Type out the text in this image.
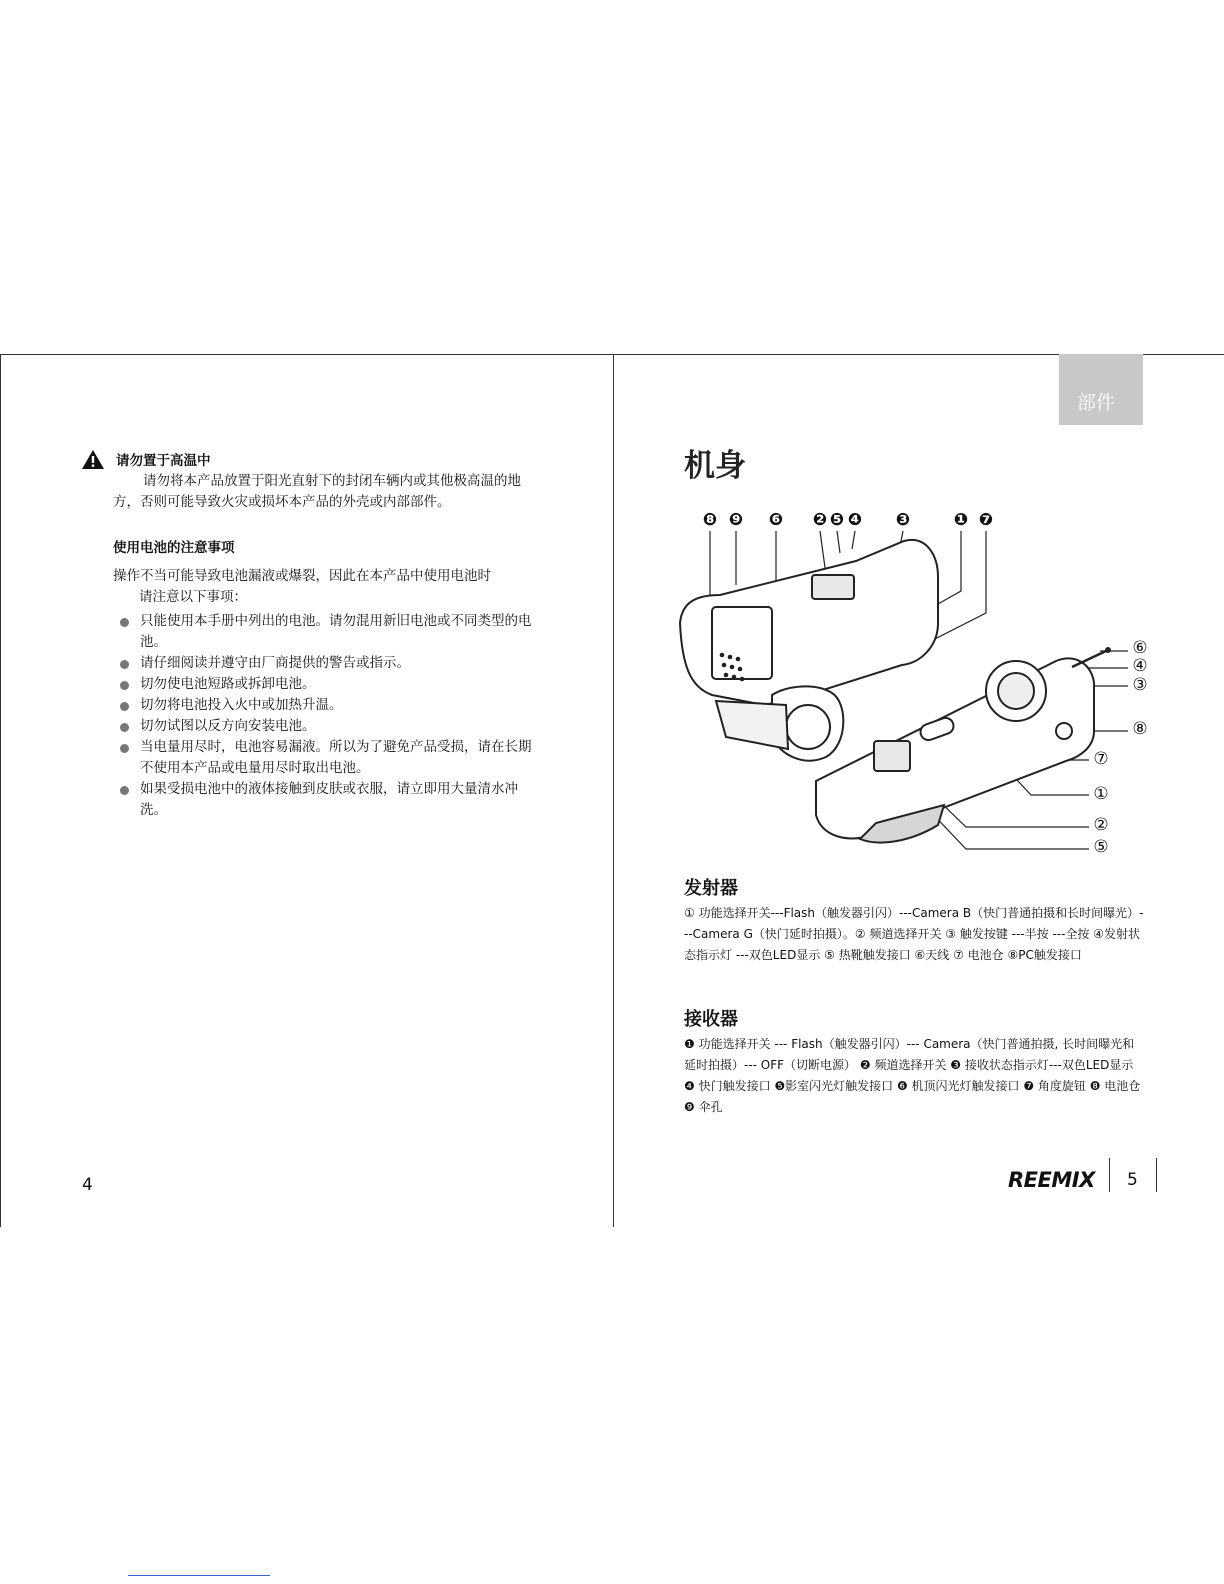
请勿置于高温中
请勿将本产品放置于阳光直射下的封闭车辆内或其他极高温的地方，否则可能导致火灾或损坏本产品的外壳或内部部件。
使用电池的注意事项
操作不当可能导致电池漏液或爆裂，因此在本产品中使用电池时
请注意以下事项：
只能使用本手册中列出的电池。请勿混用新旧电池或不同类型的电池。
请仔细阅读并遵守由厂商提供的警告或指示。
切勿使电池短路或拆卸电池。
切勿将电池投入火中或加热升温。
切勿试图以反方向安装电池。
当电量用尽时，电池容易漏液。所以为了避免产品受损，请在长期不使用本产品或电量用尽时取出电池。
如果受损电池中的液体接触到皮肤或衣服，请立即用大量清水冲洗。
4
部件
机身
❽ ❾ ❻ ❷ ❺ ❹ ❸	❶ ❼
⑥
④
③
⑧
⑦
①
②
⑤
发射器
① 功能选择开关---Flash（触发器引闪）---Camera B（快门普通拍摄和长时间曝光）---Camera G（快门延时拍摄）。② 频道选择开关 ③ 触发按键 ---半按 ---全按 ④发射状态指示灯 ---双色LED显示 ⑤ 热靴触发接口 ⑥天线 ⑦ 电池仓 ⑧PC触发接口
接收器
❶ 功能选择开关 --- Flash（触发器引闪）--- Camera（快门普通拍摄, 长时间曝光和延时拍摄）--- OFF（切断电源） ❷ 频道选择开关 ❸ 接收状态指示灯---双色LED显示 ❹ 快门触发接口 ❺影室闪光灯触发接口 ❻ 机顶闪光灯触发接口 ❼ 角度旋钮 ❽ 电池仓 ❾ 伞孔
REEMIX 5
